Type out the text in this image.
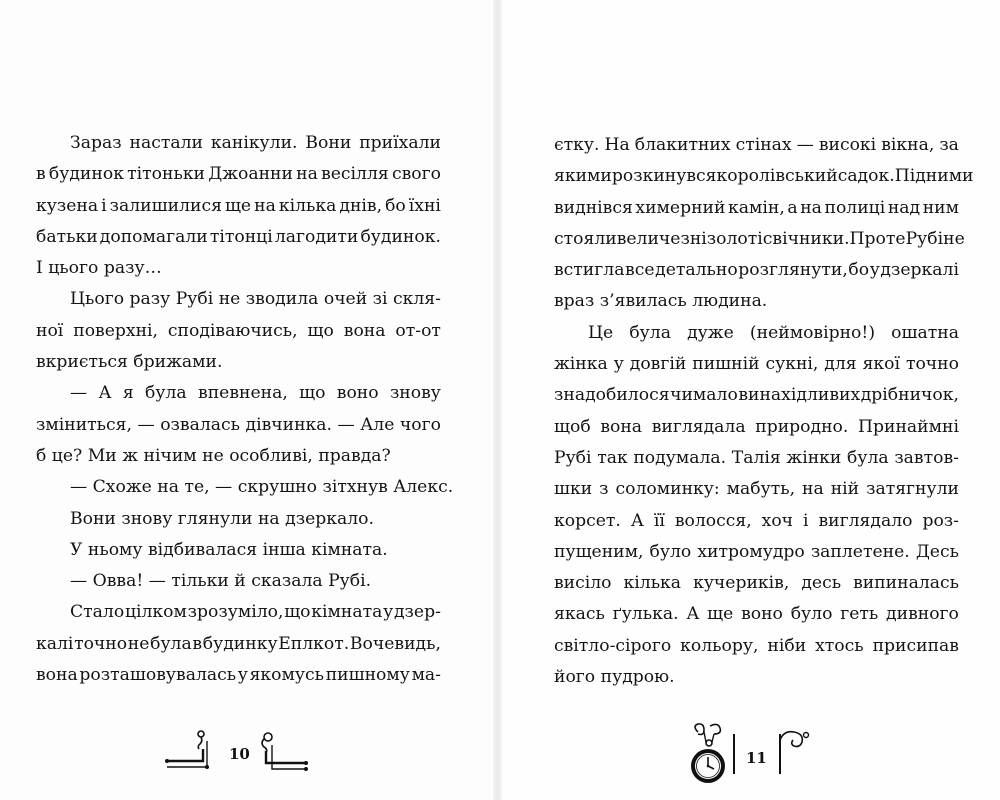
Зараз настали канікули. Вони приїхали
в будинок тітоньки Джоанни на весілля свого
кузена і залишилися ще на кілька днів, бо їхні
батьки допомагали тітонці лагодити будинок.
І цього разу…
Цього разу Рубі не зводила очей зі скля-
ної поверхні, сподіваючись, що вона от-от
вкриється брижами.
— А я була впевнена, що воно знову
зміниться, — озвалась дівчинка. — Але чого
б це? Ми ж нічим не особливі, правда?
— Схоже на те, — скрушно зітхнув Алекс.
Вони знову глянули на дзеркало.
У ньому відбивалася інша кімната.
— Овва! — тільки й сказала Рубі.
Стало цілком зрозуміло, що кімната у дзер-
калі точно не була в будинку Еплкот. Вочевидь,
вона розташовувалась у якомусь пишному ма-
єтку. На блакитних стінах — високі вікна, за
якими розкинувся королівський садок. Під ними
виднівся химерний камін, а на полиці над ним
стояли величезні золоті свічники. Проте Рубі не
встигла все детально розглянути, бо у дзеркалі
враз з’явилась людина.
Це була дуже (неймовірно!) ошатна
жінка у довгій пишній сукні, для якої точно
знадобилося чимало винахідливих дрібничок,
щоб вона виглядала природно. Принаймні
Рубі так подумала. Талія жінки була завтов-
шки з соломинку: мабуть, на ній затягнули
корсет. А її волосся, хоч і виглядало роз-
пущеним, було хитромудро заплетене. Десь
висіло кілька кучериків, десь випиналась
якась ґулька. А ще воно було геть дивного
світло-сірого кольору, ніби хтось присипав
його пудрою.
10	11
